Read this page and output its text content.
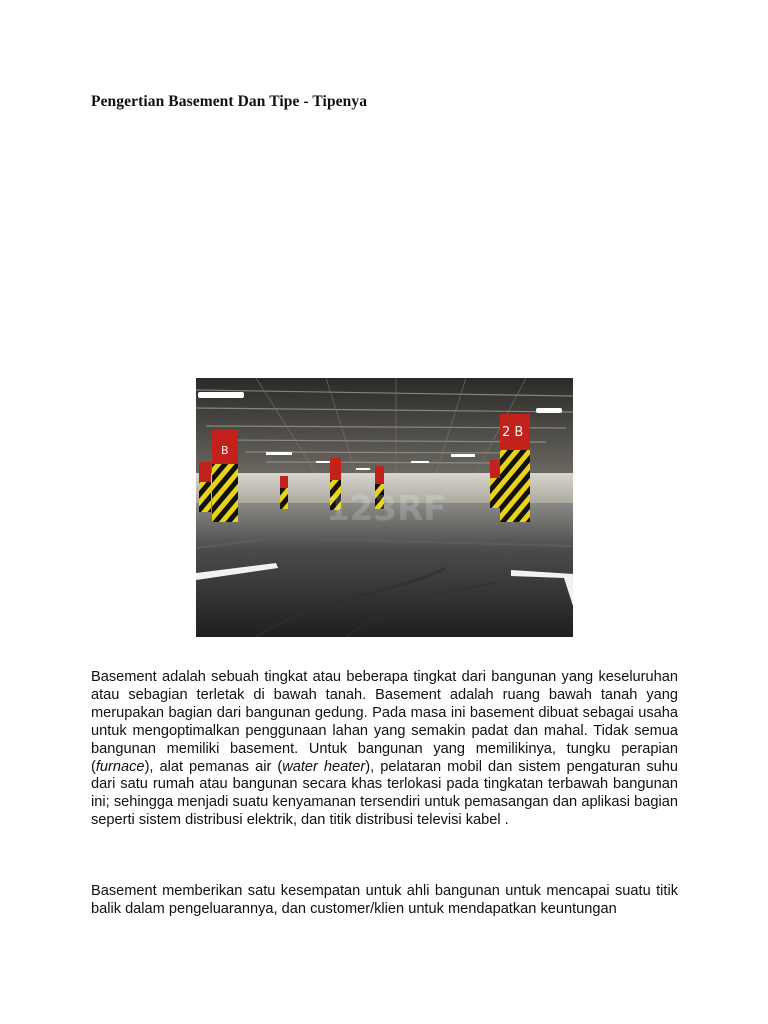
Pengertian Basement Dan Tipe - Tipenya
B
2 B
123RF

Basement adalah sebuah tingkat atau beberapa tingkat dari bangunan yang keseluruhan atau sebagian terletak di bawah tanah. Basement adalah ruang bawah tanah yang merupakan bagian dari bangunan gedung. Pada masa ini basement dibuat sebagai usaha untuk mengoptimalkan penggunaan lahan yang semakin padat dan mahal. Tidak semua bangunan memiliki basement. Untuk bangunan yang memilikinya, tungku perapian (furnace), alat pemanas air (water heater), pelataran mobil dan sistem pengaturan suhu dari satu rumah atau bangunan secara khas terlokasi pada tingkatan terbawah bangunan ini; sehingga menjadi suatu kenyamanan tersendiri untuk pemasangan dan aplikasi bagian seperti sistem distribusi elektrik, dan titik distribusi televisi kabel .

Basement memberikan satu kesempatan untuk ahli bangunan untuk mencapai suatu titik balik dalam pengeluarannya, dan customer/klien untuk mendapatkan keuntungan
